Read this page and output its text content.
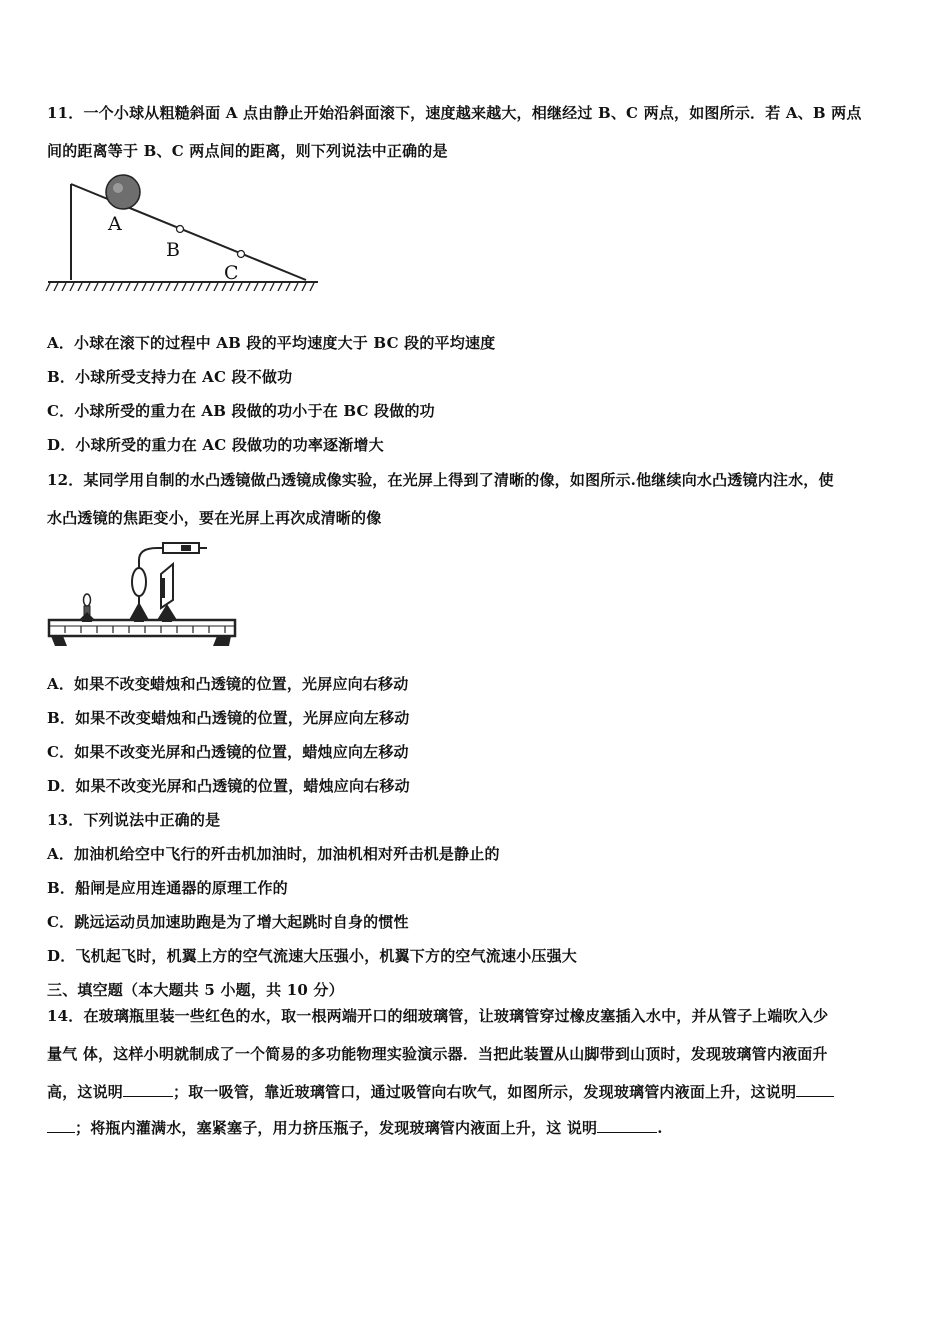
11．一个小球从粗糙斜面 A 点由静止开始沿斜面滚下，速度越来越大，相继经过 B、C 两点，如图所示．若 A、B 两点
间的距离等于 B、C 两点间的距离，则下列说法中正确的是
A
B
C
A．小球在滚下的过程中 AB 段的平均速度大于 BC 段的平均速度
B．小球所受支持力在 AC 段不做功
C．小球所受的重力在 AB 段做的功小于在 BC 段做的功
D．小球所受的重力在 AC 段做功的功率逐渐增大
12．某同学用自制的水凸透镜做凸透镜成像实验，在光屏上得到了清晰的像，如图所示.他继续向水凸透镜内注水，使
水凸透镜的焦距变小，要在光屏上再次成清晰的像
A．如果不改变蜡烛和凸透镜的位置，光屏应向右移动
B．如果不改变蜡烛和凸透镜的位置，光屏应向左移动
C．如果不改变光屏和凸透镜的位置，蜡烛应向左移动
D．如果不改变光屏和凸透镜的位置，蜡烛应向右移动
13．下列说法中正确的是
A．加油机给空中飞行的歼击机加油时，加油机相对歼击机是静止的
B．船闸是应用连通器的原理工作的
C．跳远运动员加速助跑是为了增大起跳时自身的惯性
D．飞机起飞时，机翼上方的空气流速大压强小，机翼下方的空气流速小压强大
三、填空题（本大题共 5 小题，共 10 分）
14．在玻璃瓶里装一些红色的水，取一根两端开口的细玻璃管，让玻璃管穿过橡皮塞插入水中，并从管子上端吹入少
量气 体，这样小明就制成了一个简易的多功能物理实验演示器．当把此装置从山脚带到山顶时，发现玻璃管内液面升
高，这说明	；取一吸管，靠近玻璃管口，通过吸管向右吹气，如图所示，发现玻璃管内液面上升，这说明
；将瓶内灌满水，塞紧塞子，用力挤压瓶子，发现玻璃管内液面上升，这 说明	.
